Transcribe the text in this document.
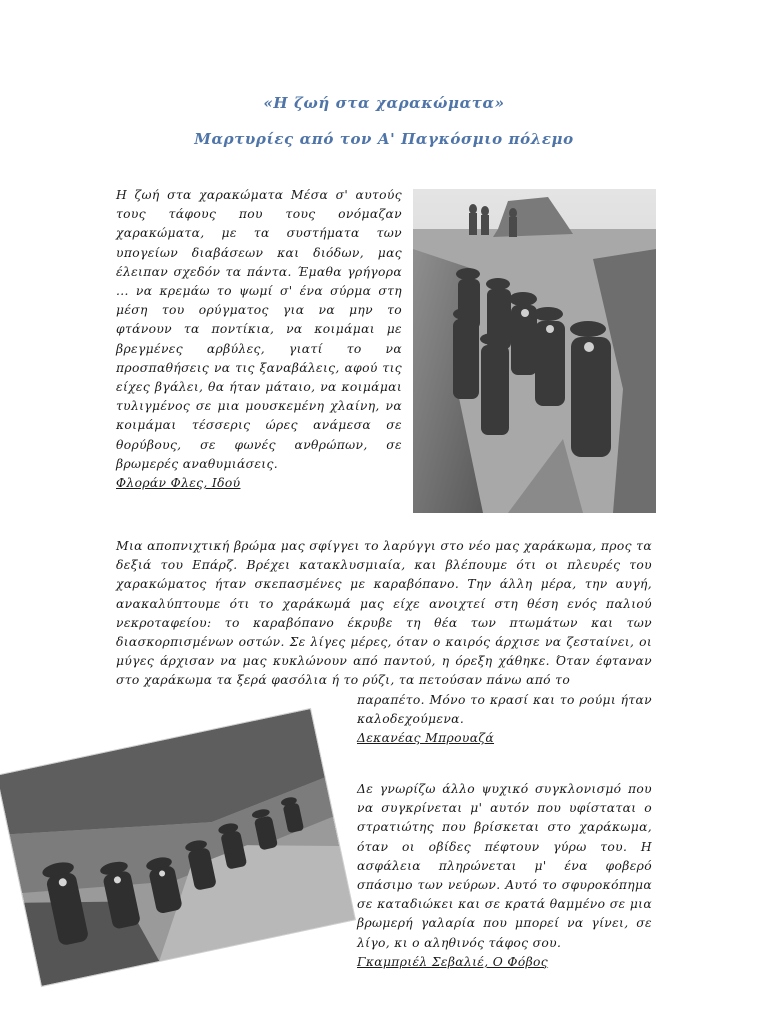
«Η ζωή στα χαρακώματα»
Μαρτυρίες από τον Α' Παγκόσμιο πόλεμο
Η ζωή στα χαρακώματα Μέσα σ' αυτούς τους τάφους που τους ονόμαζαν χαρακώματα, με τα συστήματα των υπογείων διαβάσεων και διόδων, μας έλειπαν σχεδόν τα πάντα. Έμαθα γρήγορα ... να κρεμάω το ψωμί σ' ένα σύρμα στη μέση του ορύγματος για να μην το φτάνουν τα ποντίκια, να κοιμάμαι με βρεγμένες αρβύλες, γιατί το να προσπαθήσεις να τις ξαναβάλεις, αφού τις είχες βγάλει, θα ήταν μάταιο, να κοιμάμαι τυλιγμένος σε μια μουσκεμένη χλαίνη, να κοιμάμαι τέσσερις ώρες ανάμεσα σε θορύβους, σε φωνές ανθρώπων, σε βρωμερές αναθυμιάσεις.
Φλοράν Φλες, Ιδού
Μια αποπνιχτική βρώμα μας σφίγγει το λαρύγγι στο νέο μας χαράκωμα, προς τα δεξιά του Επάρζ. Βρέχει κατακλυσμιαία, και βλέπουμε ότι οι πλευρές του χαρακώματος ήταν σκεπασμένες με καραβόπανο. Την άλλη μέρα, την αυγή, ανακαλύπτουμε ότι το χαράκωμά μας είχε ανοιχτεί στη θέση ενός παλιού νεκροταφείου: το καραβόπανο έκρυβε τη θέα των πτωμάτων και των διασκορπισμένων οστών. Σε λίγες μέρες, όταν ο καιρός άρχισε να ζεσταίνει, οι μύγες άρχισαν να μας κυκλώνουν από παντού, η όρεξη χάθηκε. Όταν έφταναν στο χαράκωμα τα ξερά φασόλια ή το ρύζι, τα πετούσαν πάνω από το
παραπέτο. Μόνο το κρασί και το ρούμι ήταν καλοδεχούμενα.
Δεκανέας Μπρουαζά
Δε γνωρίζω άλλο ψυχικό συγκλονισμό που να συγκρίνεται μ' αυτόν που υφίσταται ο στρατιώτης που βρίσκεται στο χαράκωμα, όταν οι οβίδες πέφτουν γύρω του. Η ασφάλεια πληρώνεται μ' ένα φοβερό σπάσιμο των νεύρων. Αυτό το σφυροκόπημα σε καταδιώκει και σε κρατά θαμμένο σε μια βρωμερή γαλαρία που μπορεί να γίνει, σε λίγο, κι ο αληθινός τάφος σου.
Γκαμπριέλ Σεβαλιέ, Ο Φόβος
